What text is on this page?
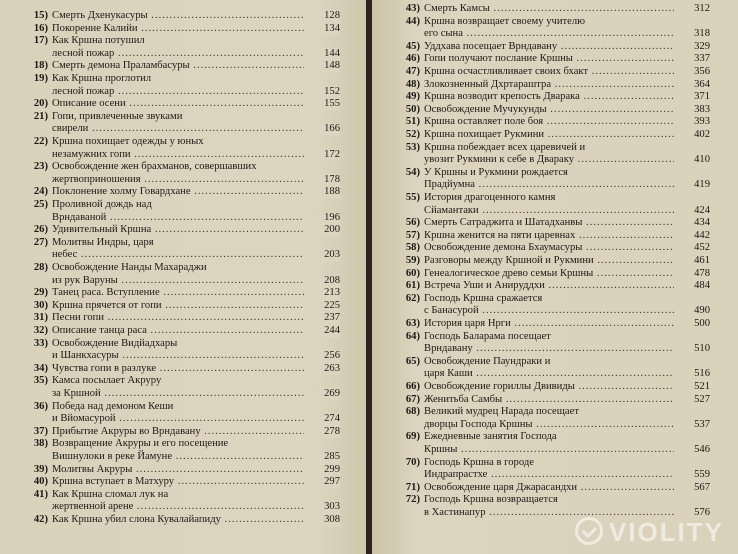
15) Смерть Дхенукасуры .....	128
16) Покорение Калийи .....	134
17) Как Кршна потушил
лесной пожар .....	144
18) Смерть демона Праламбасуры .....	148
19) Как Кршна проглотил
лесной пожар .....	152
20) Описание осени .....	155
21) Гопи, привлеченные звуками
свирели .....	166
22) Кршна похищает одежды у юных
незамужних гопи .....	172
23) Освобождение жен брахманов, совершавших
жертвоприношения .....	178
24) Поклонение холму Говардхане .....	188
25) Проливной дождь над
Врндаваной .....	196
26) Удивительный Кршна .....	200
27) Молитвы Индры, царя
небес .....	203
28) Освобождение Нанды Махараджи
из рук Варуны .....	208
29) Танец раса. Вступление .....	213
30) Кршна прячется от гопи .....	225
31) Песни гопи .....	237
32) Описание танца раса .....	244
33) Освобождение Видйадхары
и Шанкхасуры .....	256
34) Чувства гопи в разлуке .....	263
35) Камса посылает Акруру
за Кршной .....	269
36) Победа над демоном Кеши
и Вйомасурой .....	274
37) Прибытие Акруры во Врндавану .....	278
38) Возвращение Акруры и его посещение
Вишнулоки в реке Йамуне .....	285
39) Молитвы Акруры .....	299
40) Кршна вступает в Матхуру .....	297
41) Как Кршна сломал лук на
жертвенной арене .....	303
42) Как Кршна убил слона Кувалайапиду .....	308
43) Смерть Камсы .....	312
44) Кршна возвращает своему учителю
его сына .....	318
45) Уддхава посещает Врндавану .....	329
46) Гопи получают послание Кршны .....	337
47) Кршна осчастливливает своих бхакт .....	356
48) Злокозненный Дхртараштра .....	364
49) Кршна возводит крепость Дварака .....	371
50) Освобождение Мучукунды .....	383
51) Кршна оставляет поле боя .....	393
52) Кршна похищает Рукмини .....	402
53) Кршна побеждает всех царевичей и
увозит Рукмини к себе в Двараку .....	410
54) У Кршны и Рукмини рождается
Прадйумна .....	419
55) История драгоценного камня
Сйамантаки .....	424
56) Смерть Сатраджита и Шатадханвы .....	434
57) Кршна женится на пяти царевнах .....	442
58) Освобождение демона Бхаумасуры .....	452
59) Разговоры между Кршной и Рукмини .....	461
60) Генеалогическое древо семьи Кршны .....	478
61) Встреча Уши и Анируддхи .....	484
62) Господь Кршна сражается
с Банасурой .....	490
63) История царя Нрги .....	500
64) Господь Баларама посещает
Врндавану .....	510
65) Освобождение Паундраки и
царя Каши .....	516
66) Освобождение гориллы Двивиды .....	521
67) Женитьба Самбы .....	527
68) Великий мудрец Нарада посещает
дворцы Господа Кршны .....	537
69) Ежедневные занятия Господа
Кршны .....	546
70) Господь Кршна в городе
Индрапрастхе .....	559
71) Освобождение царя Джарасандхи .....	567
72) Господь Кршна возвращается
в Хастинапур .....	576
VIOLITY
